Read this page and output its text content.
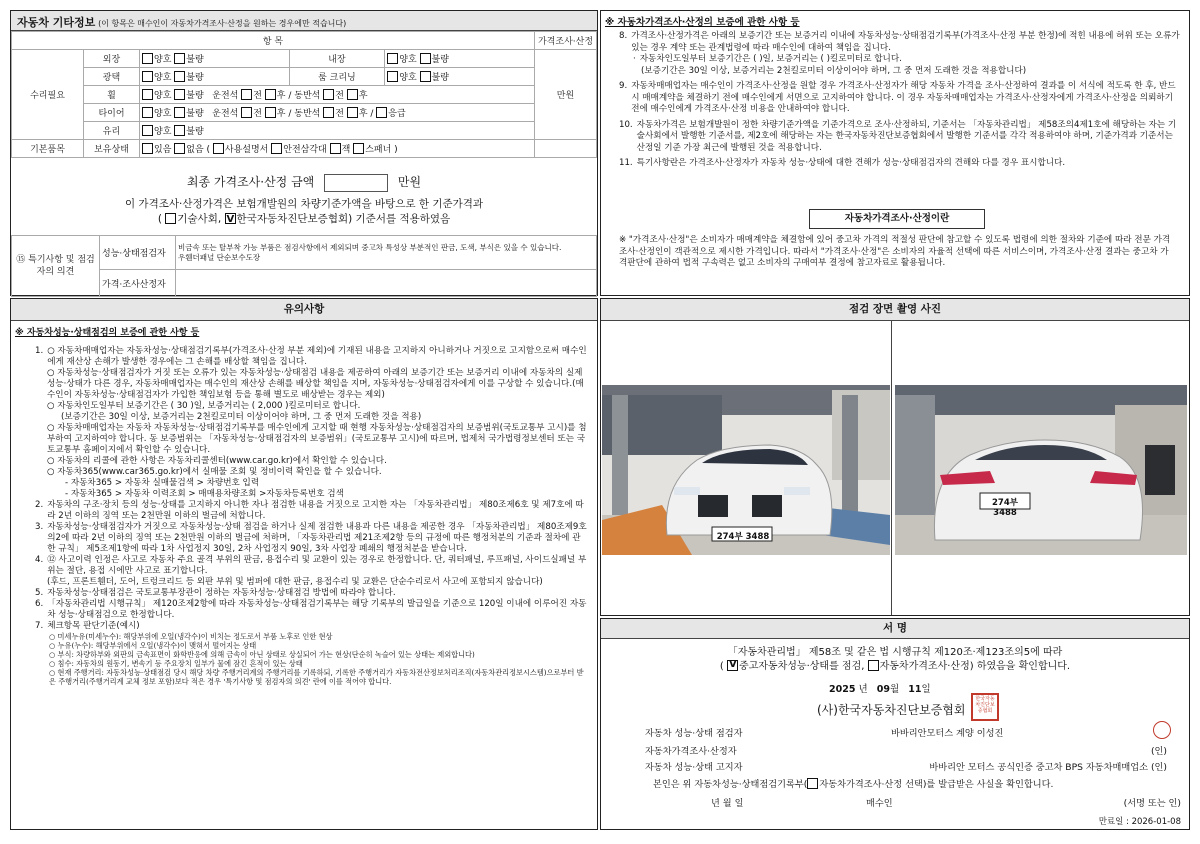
자동차 기타정보 (이 항목은 매수인이 자동차가격조사·산정을 원하는 경우에만 적습니다)
항 목					가격조사·산정
수리필요	외장	양호 불량	내장	양호 불량	만원
	광택	양호 불량	룸 크리닝	양호 불량	
	휠	양호 불량 운전석 전 후 / 동반석 전 후			
	타이어	양호 불량 운전석 전 후 / 동반석 전 후 / 응급			
	유리	양호 불량			
기본품목	보유상태	있음 없음 ( 사용설명서 안전삼각대 잭 스패너 )			
최종 가격조사·산정 금액	만원
이 가격조사·산정가격은 보험개발원의 차량기준가액을 바탕으로 한 기준가격과
( 기술사회, V 한국자동차진단보증협회) 기준서를 적용하였음
⑮ 특기사항 및 점검자의 의견	성능·상태점검자	비금속 또는 탈부착 가능 부품은 점검사항에서 제외되며 중고차 특성상 부분적인 판금, 도색, 부식은 있을 수 있습니다.
우휀더패널 단순보수도장

	가격·조사산정자	
※ 자동차가격조사·산정의 보증에 관한 사항 등
8. 가격조사·산정가격은 아래의 보증기간 또는 보증거리 이내에 자동차성능·상태점검기록부(가격조사·산정 부분 한정)에 적힌 내용에 허위 또는 오류가 있는 경우 계약 또는 관계법령에 따라 매수인에 대하여 책임을 집니다.
· 자동차인도일부터 보증기간은 ( )일, 보증거리는 ( )킬로미터로 합니다.
(보증기간은 30일 이상, 보증거리는 2천킬로미터 이상이어야 하며, 그 중 먼저 도래한 것을 적용합니다)
9. 자동차매매업자는 매수인이 가격조사·산정을 원할 경우 가격조사·산정자가 해당 자동차 가격을 조사·산정하여 결과를 이 서식에 적도록 한 후, 반드시 매매계약을 체결하기 전에 매수인에게 서면으로 고지하여야 합니다. 이 경우 자동차매매업자는 가격조사·산정자에게 가격조사·산정을 의뢰하기 전에 매수인에게 가격조사·산정 비용을 안내하여야 합니다.
10. 자동차가격은 보험개발원이 정한 차량기준가액을 기준가격으로 조사·산정하되, 기준서는 「자동차관리법」 제58조의4제1호에 해당하는 자는 기술사회에서 발행한 기준서를, 제2호에 해당하는 자는 한국자동차진단보증협회에서 발행한 기준서를 각각 적용하여야 하며, 기준가격과 기준서는 산정일 기준 가장 최근에 발행된 것을 적용합니다.
11. 특기사항란은 가격조사·산정자가 자동차 성능·상태에 대한 견해가 성능·상태점검자의 견해와 다를 경우 표시합니다.
자동차가격조사·산정이란
※ "가격조사·산정"은 소비자가 매매계약을 체결함에 있어 중고차 가격의 적절성 판단에 참고할 수 있도록 법령에 의한 절차와 기준에 따라 전문 가격조사·산정인이 객관적으로 제시한 가격입니다. 따라서 "가격조사·산정"은 소비자의 자율적 선택에 따른 서비스이며, 가격조사·산정 결과는 중고차 가격판단에 관하여 법적 구속력은 없고 소비자의 구매여부 결정에 참고자료로 활용됩니다.
유의사항
※ 자동차성능·상태점검의 보증에 관한 사항 등
1. ○ 자동차매매업자는 자동차성능·상태점검기록부(가격조사·산정 부분 제외)에 기재된 내용을 고지하지 아니하거나 거짓으로 고지함으로써 매수인에게 재산상 손해가 발생한 경우에는 그 손해를 배상할 책임을 집니다.
○ 자동차성능·상태점검자가 거짓 또는 오류가 있는 자동차성능·상태점검 내용을 제공하여 아래의 보증기간 또는 보증거리 이내에 자동차의 실제 성능·상태가 다른 경우, 자동차매매업자는 매수인의 재산상 손해를 배상할 책임을 지며, 자동차성능·상태점검자에게 이를 구상할 수 있습니다.(매수인이 자동차성능·상태점검자가 가입한 책임보험 등을 통해 별도로 배상받는 경우는 제외)
○ 자동차인도일부터 보증기간은 ( 30 )일, 보증거리는 ( 2,000 )킬로미터로 합니다.
(보증기간은 30일 이상, 보증거리는 2천킬로미터 이상이어야 하며, 그 중 먼저 도래한 것을 적용)
○ 자동차매매업자는 자동차 자동차성능·상태점검기록부를 매수인에게 고지할 때 현행 자동차성능·상태점검자의 보증범위(국토교통부 고시)를 첨부하여 고지하여야 합니다. 동 보증범위는 「자동차성능·상태점검자의 보증범위」(국토교통부 고시)에 따르며, 법제처 국가법령정보센터 또는 국토교통부 홈페이지에서 확인할 수 있습니다.
○ 자동차의 리콜에 관한 사항은 자동차리콜센터(www.car.go.kr)에서 확인할 수 있습니다.
○ 자동차365(www.car365.go.kr)에서 실매물 조회 및 정비이력 확인을 할 수 있습니다.
- 자동차365 > 자동차 실매물검색 > 차량번호 입력
- 자동차365 > 자동차 이력조회 > 매매용차량조회 >자동차등록번호 검색
2. 자동차의 구조·장치 등의 성능·상태를 고지하지 아니한 자나 점검한 내용을 거짓으로 고지한 자는 「자동차관리법」 제80조제6호 및 제7호에 따라 2년 이하의 징역 또는 2천만원 이하의 벌금에 처합니다.
3. 자동차성능·상태점검자가 거짓으로 자동차성능·상태 점검을 하거나 실제 점검한 내용과 다른 내용을 제공한 경우 「자동차관리법」 제80조제9호의2에 따라 2년 이하의 징역 또는 2천만원 이하의 벌금에 처하며, 「자동차관리법 제21조제2항 등의 규정에 따른 행정처분의 기준과 절차에 관한 규칙」 제5조제1항에 따라 1차 사업정지 30일, 2차 사업정지 90일, 3차 사업장 폐쇄의 행정처분을 받습니다.
4. ⑫ 사고이력 인정은 사고로 자동차 주요 골격 부위의 판금, 용접수리 및 교환이 있는 경우로 한정합니다. 단, 쿼터패널, 루프패널, 사이드실패널 부위는 절단, 용접 시에만 사고로 표기합니다.
(후드, 프론트휀더, 도어, 트렁크리드 등 외판 부위 및 범퍼에 대한 판금, 용접수리 및 교환은 단순수리로서 사고에 포함되지 않습니다)
5. 자동차성능·상태점검은 국토교통부장관이 정하는 자동차성능·상태점검 방법에 따라야 합니다.
6. 「자동차관리법 시행규칙」 제120조제2항에 따라 자동차성능·상태점검기록부는 해당 기록부의 발급일을 기준으로 120일 이내에 이루어진 자동차 성능·상태점검으로 한정합니다.
7. 체크항목 판단기준(예시)
○ 미세누유(미세누수): 해당부위에 오일(냉각수)이 비치는 정도로서 부품 노후로 인한 현상
○ 누유(누수): 해당부위에서 오일(냉각수)이 맺혀서 떨어지는 상태
○ 부식: 차량하부와 외판의 금속표면이 화학반응에 의해 금속이 아닌 상태로 상실되어 가는 현상(단순히 녹슬어 있는 상태는 제외합니다)
○ 침수: 자동차의 원동기, 변속기 등 주요장치 일부가 물에 잠긴 흔적이 있는 상태
○ 현재 주행거리: 자동차성능·상태점검 당시 해당 차량 주행거리계의 주행거리를 기록하되, 기록한 주행거리가 자동차전산정보처리조직(자동차관리정보시스템)으로부터 받은 주행거리(주행거리계 교체 정보 포함)보다 적은 경우 '특기사항 및 점검자의 의견' 란에 이를 적어야 합니다.
점검 장면 촬영 사진
274부 3488
274부 3488
서 명
「자동차관리법」 제58조 및 같은 법 시행규칙 제120조·제123조의5에 따라
( V중고자동차성능·상태를 점검, 자동차가격조사·산정) 하였음을 확인합니다.
2025 년 09월 11일
(사)한국자동차진단보증협회
한국자동차진단보증협회
자동차 성능·상태 점검자	바바리안모터스 계양 이성진
자동차가격조사·산정자	(인)
자동차 성능·상태 고지자	바바리안 모터스 공식인증 중고차 BPS 자동차매매업소 (인)
본인은 위 자동차성능·상태점검기록부( 자동차가격조사·산정 선택)를 발급받은 사실을 확인합니다.
년 월 일	매수인	(서명 또는 인)
만료일 : 2026-01-08
